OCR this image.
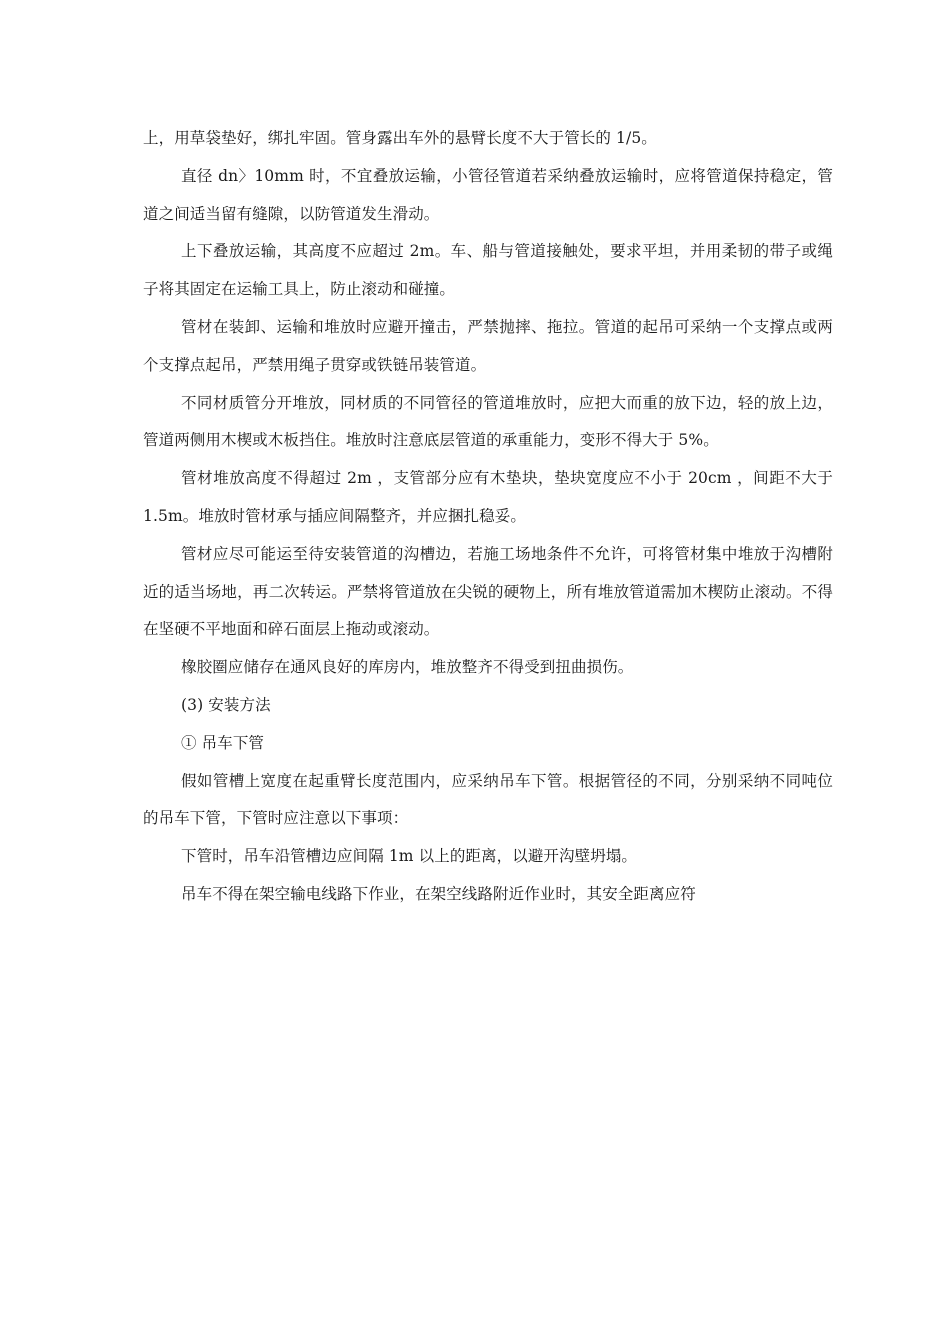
上，用草袋垫好，绑扎牢固。管身露出车外的悬臂长度不大于管长的 1/5。

直径 dn〉10mm 时，不宜叠放运输，小管径管道若采纳叠放运输时，应将管道保持稳定，管道之间适当留有缝隙，以防管道发生滑动。

上下叠放运输，其高度不应超过 2m。车、船与管道接触处，要求平坦，并用柔韧的带子或绳子将其固定在运输工具上，防止滚动和碰撞。

管材在装卸、运输和堆放时应避开撞击，严禁抛摔、拖拉。管道的起吊可采纳一个支撑点或两个支撑点起吊，严禁用绳子贯穿或铁链吊装管道。

不同材质管分开堆放，同材质的不同管径的管道堆放时，应把大而重的放下边，轻的放上边，管道两侧用木楔或木板挡住。堆放时注意底层管道的承重能力，变形不得大于 5%。

管材堆放高度不得超过 2m ，支管部分应有木垫块，垫块宽度应不小于 20cm ，间距不大于 1.5m。堆放时管材承与插应间隔整齐，并应捆扎稳妥。

管材应尽可能运至待安装管道的沟槽边，若施工场地条件不允许，可将管材集中堆放于沟槽附近的适当场地，再二次转运。严禁将管道放在尖锐的硬物上，所有堆放管道需加木楔防止滚动。不得在坚硬不平地面和碎石面层上拖动或滚动。

橡胶圈应储存在通风良好的库房内，堆放整齐不得受到扭曲损伤。

(3) 安装方法

① 吊车下管

假如管槽上宽度在起重臂长度范围内，应采纳吊车下管。根据管径的不同，分别采纳不同吨位的吊车下管，下管时应注意以下事项：

下管时，吊车沿管槽边应间隔 1m 以上的距离，以避开沟壁坍塌。

吊车不得在架空输电线路下作业，在架空线路附近作业时，其安全距离应符
